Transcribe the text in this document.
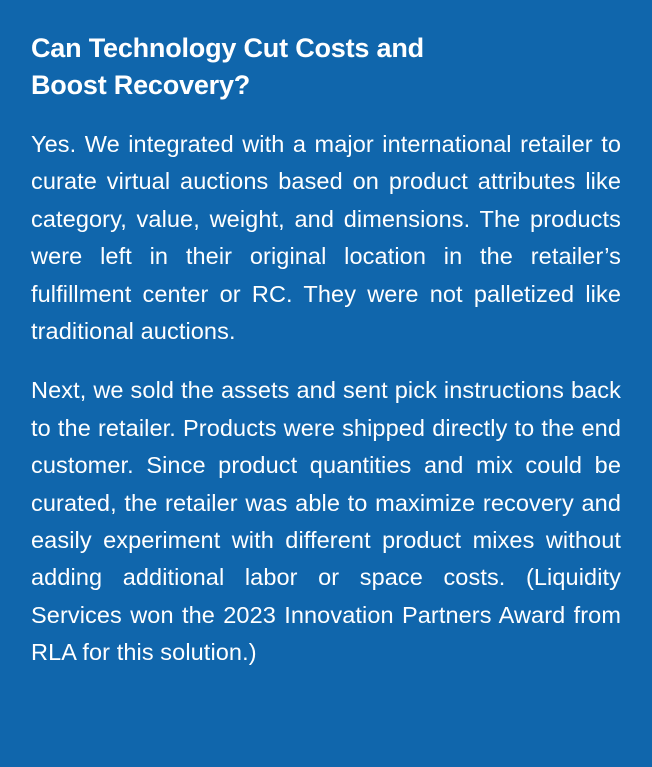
Can Technology Cut Costs and Boost Recovery?

Yes. We integrated with a major international retailer to curate virtual auctions based on product attributes like category, value, weight, and dimensions. The products were left in their original location in the retailer’s fulfillment center or RC. They were not palletized like traditional auctions.

Next, we sold the assets and sent pick instructions back to the retailer. Products were shipped directly to the end customer. Since product quantities and mix could be curated, the retailer was able to maximize recovery and easily experiment with different product mixes without adding additional labor or space costs. (Liquidity Services won the 2023 Innovation Partners Award from RLA for this solution.)
